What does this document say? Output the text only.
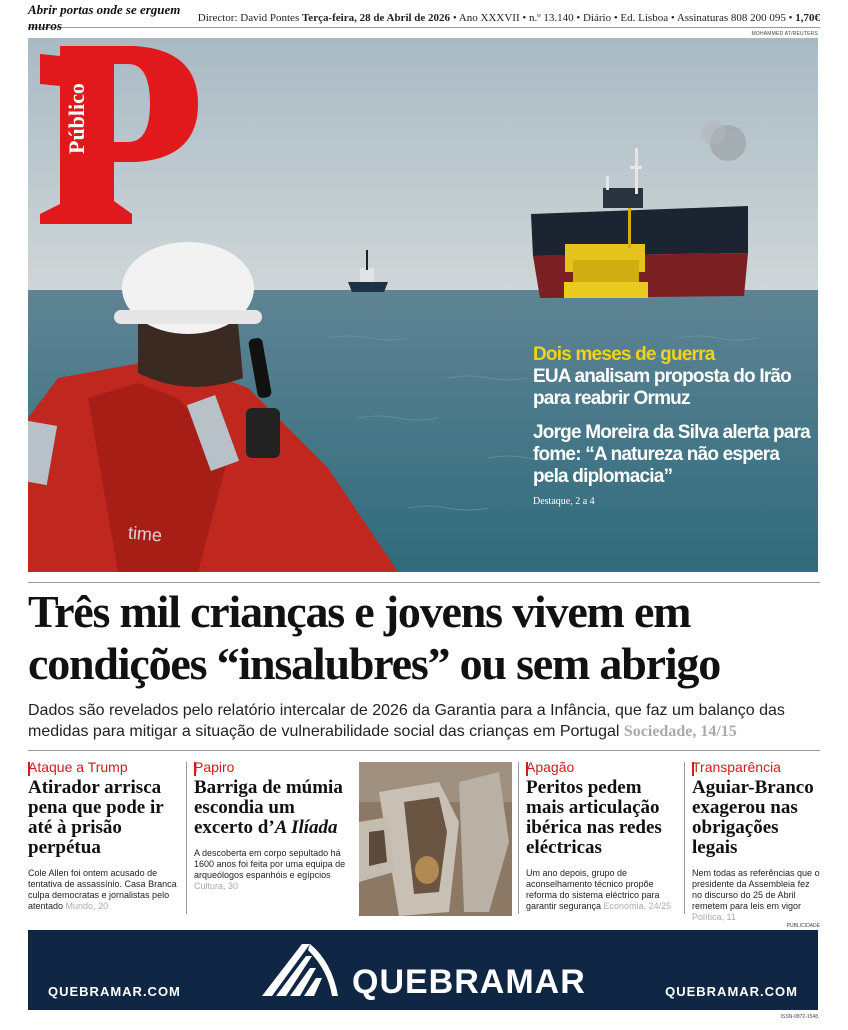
Abrir portas onde se erguem muros	Director: David Pontes Terça-feira, 28 de Abril de 2026 • Ano XXXVII • n.º 13.140 • Diário • Ed. Lisboa • Assinaturas 808 200 095 • 1,70€
MOHAMMED AT/REUTERS
Público
Dois meses de guerra
EUA analisam proposta do Irão para reabrir Ormuz
Jorge Moreira da Silva alerta para fome: “A natureza não espera pela diplomacia”
Destaque, 2 a 4
time
Três mil crianças e jovens vivem em condições “insalubres” ou sem abrigo
Dados são revelados pelo relatório intercalar de 2026 da Garantia para a Infância, que faz um balanço das medidas para mitigar a situação de vulnerabilidade social das crianças em Portugal Sociedade, 14/15
Ataque a Trump
Atirador arrisca pena que pode ir até à prisão perpétua
Cole Allen foi ontem acusado de tentativa de assassínio. Casa Branca culpa democratas e jornalistas pelo atentado Mundo, 20
Papiro
Barriga de múmia escondia um excerto d’A Ilíada
A descoberta em corpo sepultado há 1600 anos foi feita por uma equipa de arqueólogos espanhóis e egípcios Cultura, 30
Apagão
Peritos pedem mais articulação ibérica nas redes eléctricas
Um ano depois, grupo de aconselhamento técnico propõe reforma do sistema eléctrico para garantir segurança Economia, 24/25
Transparência
Aguiar-Branco exagerou nas obrigações legais
Nem todas as referências que o presidente da Assembleia fez no discurso do 25 de Abril remetem para leis em vigor Política, 11
PUBLICIDADE
QUEBRAMAR.COM	QUEBRAMAR	QUEBRAMAR.COM
ISSN-0872-1548
